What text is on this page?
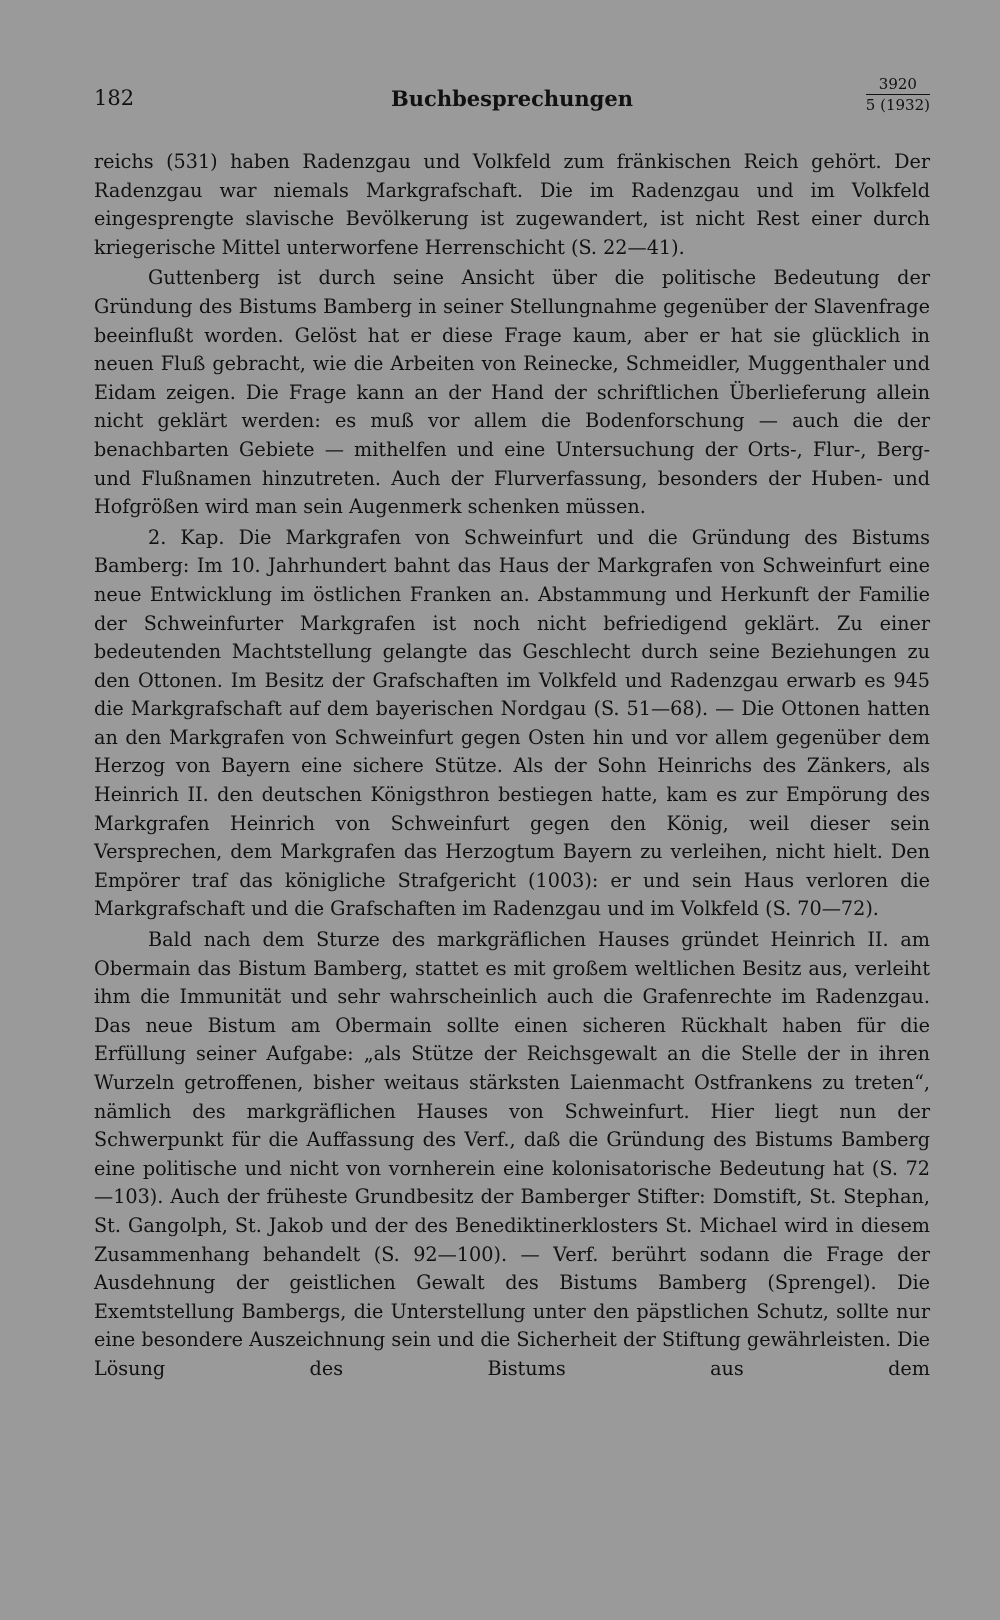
182	Buchbesprechungen
3920
5 (1932)

reichs (531) haben Radenzgau und Volkfeld zum fränkischen Reich gehört. Der Radenzgau war niemals Markgrafschaft. Die im Radenzgau und im Volkfeld eingesprengte slavische Bevölkerung ist zugewandert, ist nicht Rest einer durch kriegerische Mittel unterworfene Herrenschicht (S. 22—41).

Guttenberg ist durch seine Ansicht über die politische Bedeutung der Gründung des Bistums Bamberg in seiner Stellungnahme gegenüber der Slavenfrage beeinflußt worden. Gelöst hat er diese Frage kaum, aber er hat sie glücklich in neuen Fluß gebracht, wie die Arbeiten von Reinecke, Schmeidler, Muggenthaler und Eidam zeigen. Die Frage kann an der Hand der schriftlichen Überlieferung allein nicht geklärt werden: es muß vor allem die Bodenforschung — auch die der benachbarten Gebiete — mithelfen und eine Untersuchung der Orts-, Flur-, Berg- und Flußnamen hinzutreten. Auch der Flurverfassung, besonders der Huben- und Hofgrößen wird man sein Augenmerk schenken müssen.

2. Kap. Die Markgrafen von Schweinfurt und die Gründung des Bistums Bamberg: Im 10. Jahrhundert bahnt das Haus der Markgrafen von Schweinfurt eine neue Entwicklung im östlichen Franken an. Abstammung und Herkunft der Familie der Schweinfurter Markgrafen ist noch nicht befriedigend geklärt. Zu einer bedeutenden Machtstellung gelangte das Geschlecht durch seine Beziehungen zu den Ottonen. Im Besitz der Grafschaften im Volkfeld und Radenzgau erwarb es 945 die Markgrafschaft auf dem bayerischen Nordgau (S. 51—68). — Die Ottonen hatten an den Markgrafen von Schweinfurt gegen Osten hin und vor allem gegenüber dem Herzog von Bayern eine sichere Stütze. Als der Sohn Heinrichs des Zänkers, als Heinrich II. den deutschen Königsthron bestiegen hatte, kam es zur Empörung des Markgrafen Heinrich von Schweinfurt gegen den König, weil dieser sein Versprechen, dem Markgrafen das Herzogtum Bayern zu verleihen, nicht hielt. Den Empörer traf das königliche Strafgericht (1003): er und sein Haus verloren die Markgrafschaft und die Grafschaften im Radenzgau und im Volkfeld (S. 70—72).

Bald nach dem Sturze des markgräflichen Hauses gründet Heinrich II. am Obermain das Bistum Bamberg, stattet es mit großem weltlichen Besitz aus, verleiht ihm die Immunität und sehr wahrscheinlich auch die Grafenrechte im Radenzgau. Das neue Bistum am Obermain sollte einen sicheren Rückhalt haben für die Erfüllung seiner Aufgabe: „als Stütze der Reichsgewalt an die Stelle der in ihren Wurzeln getroffenen, bisher weitaus stärksten Laienmacht Ostfrankens zu treten“, nämlich des markgräflichen Hauses von Schweinfurt. Hier liegt nun der Schwerpunkt für die Auffassung des Verf., daß die Gründung des Bistums Bamberg eine politische und nicht von vornherein eine kolonisatorische Bedeutung hat (S. 72—103). Auch der früheste Grundbesitz der Bamberger Stifter: Domstift, St. Stephan, St. Gangolph, St. Jakob und der des Benediktinerklosters St. Michael wird in diesem Zusammenhang behandelt (S. 92—100). — Verf. berührt sodann die Frage der Ausdehnung der geistlichen Gewalt des Bistums Bamberg (Sprengel). Die Exemtstellung Bambergs, die Unterstellung unter den päpstlichen Schutz, sollte nur eine besondere Auszeichnung sein und die Sicherheit der Stiftung gewährleisten. Die Lösung des Bistums aus dem
